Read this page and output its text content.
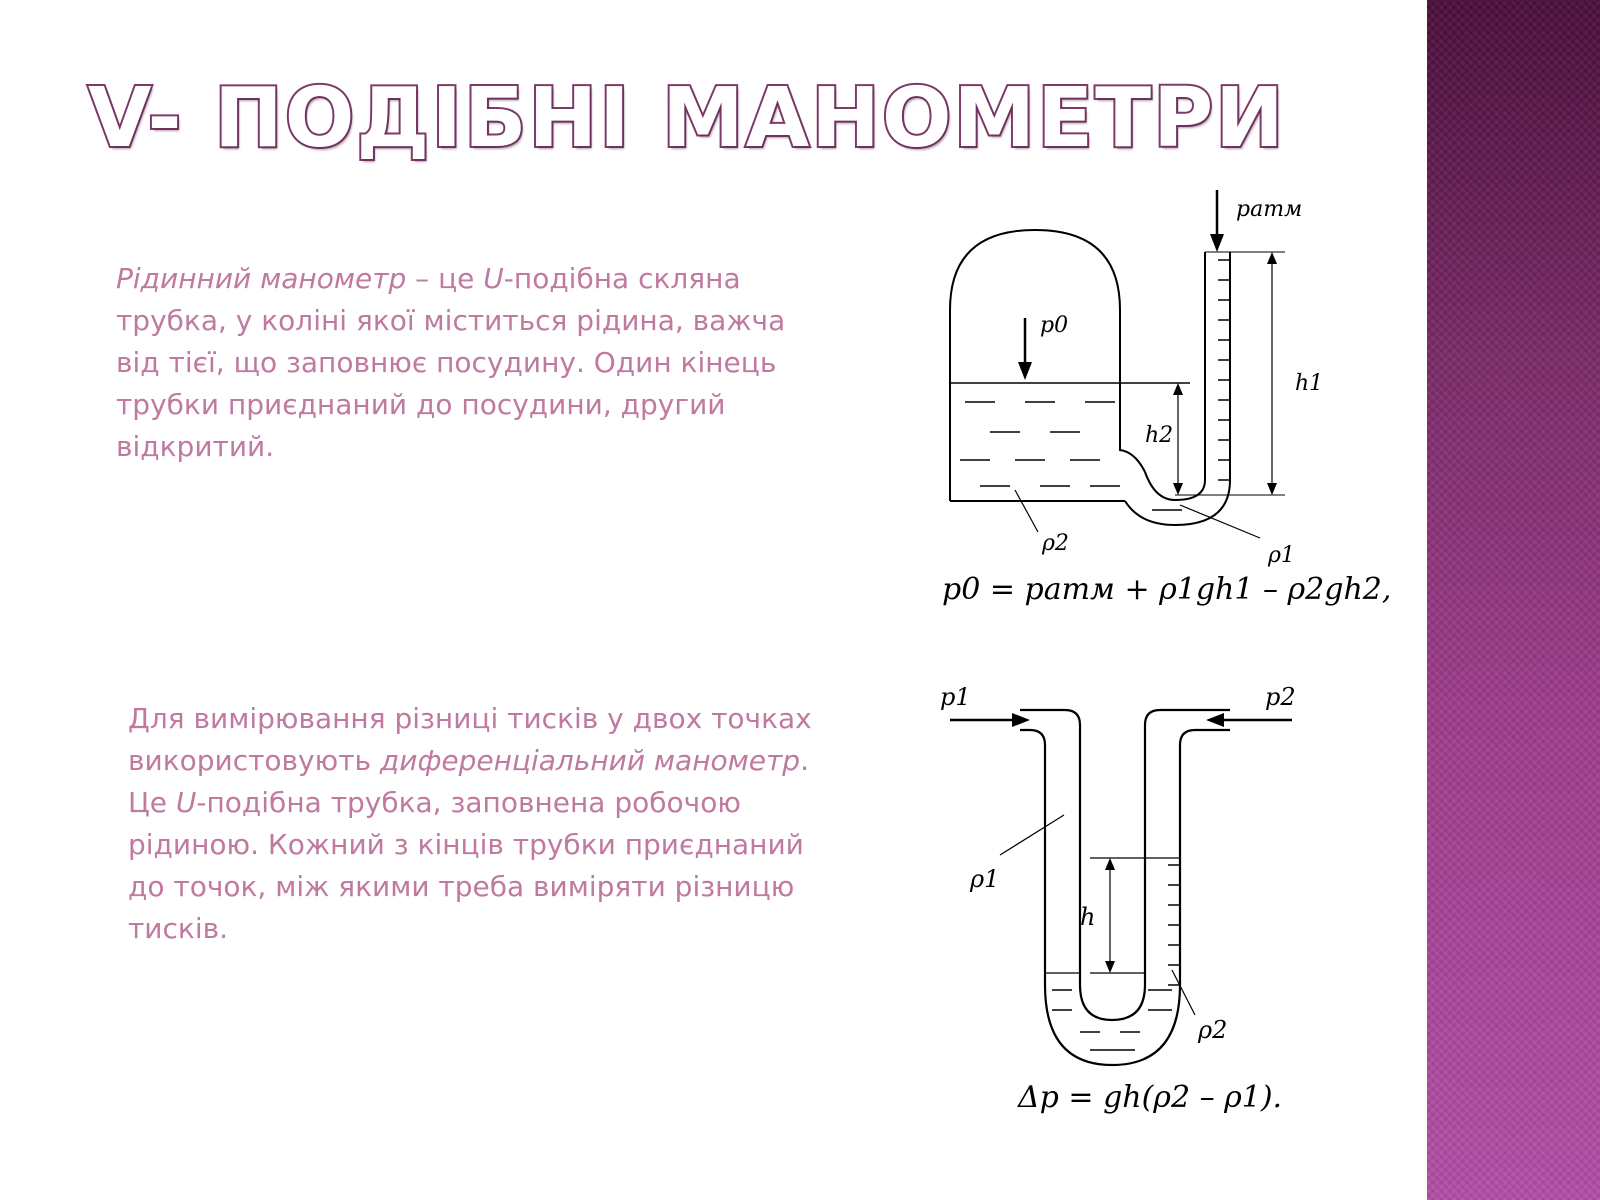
V- ПОДІБНІ МАНОМЕТРИ

Рідинний манометр – це U-подібна скляна трубка, у коліні якої міститься рідина, важча від тієї, що заповнює посудину. Один кінець трубки приєднаний до посудини, другий відкритий.

Для вимірювання різниці тисків у двох точках використовують диференціальний манометр. Це U-подібна трубка, заповнена робочою рідиною. Кожний з кінців трубки приєднаний до точок, між якими треба виміряти різницю тисків.

pатм
p0
h1
h2
ρ2	ρ1

p0 = pатм + ρ1gh1 – ρ2gh2,

p1	p2
ρ1
h
ρ2

Δp = gh(ρ2 – ρ1).
